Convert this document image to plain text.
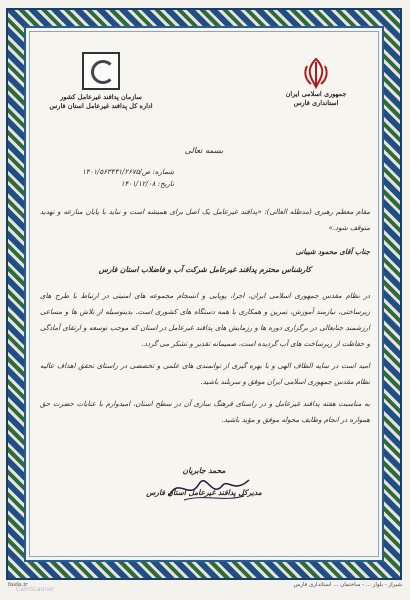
جمهوری اسلامی ایران
استانداری فارس
سازمان پدافند غیرعامل کشور
اداره کل پدافند غیرعامل استان فارس
بسمه تعالی
شماره: ص/۱۴۰۱/۵۶۳۴۳۱/۲۶۷۵
تاریخ: ۱۴۰۱/۱۲/۰۸

مقام معظم رهبری (مدظله العالی): «پدافند غیرعامل یک اصل برای همیشه است و نباید با پایان منازعه و تهدید متوقف شود.»

جناب آقای محمود شیبانی

کارشناس محترم پدافند غیرعامل شرکت آب و فاضلاب استان فارس

در نظام مقدس جمهوری اسلامی ایران، اجرا، پویایی و انسجام مجموعه های امنیتی در ارتباط با طرح های زیرساختی، نیازمند آموزش، تمرین و همکاری با همه دستگاه های کشوری است. بدینوسیله از تلاش ها و مساعی ارزشمند جنابعالی در برگزاری دوره ها و رزمایش های پدافند غیرعامل در استان که موجب توسعه و ارتقای آمادگی و حفاظت از زیرساخت های آب گردیده است، صمیمانه تقدیر و تشکر می گردد.

امید است در سایه الطاف الهی و با بهره گیری از توانمندی های علمی و تخصصی در راستای تحقق اهداف عالیه نظام مقدس جمهوری اسلامی ایران موفق و سربلند باشید.

به مناسبت هفته پدافند غیرعامل و در راستای فرهنگ سازی آن در سطح استان، امیدوارم با عنایات حضرت حق همواره در انجام وظایف محوله موفق و مؤید باشید.

محمد جابریان
مدیرکل پدافند غیرعامل استان فارس
شیراز - بلوار ... - ساختمان ... استانداری فارس
fasfa.ir
CamScanner
